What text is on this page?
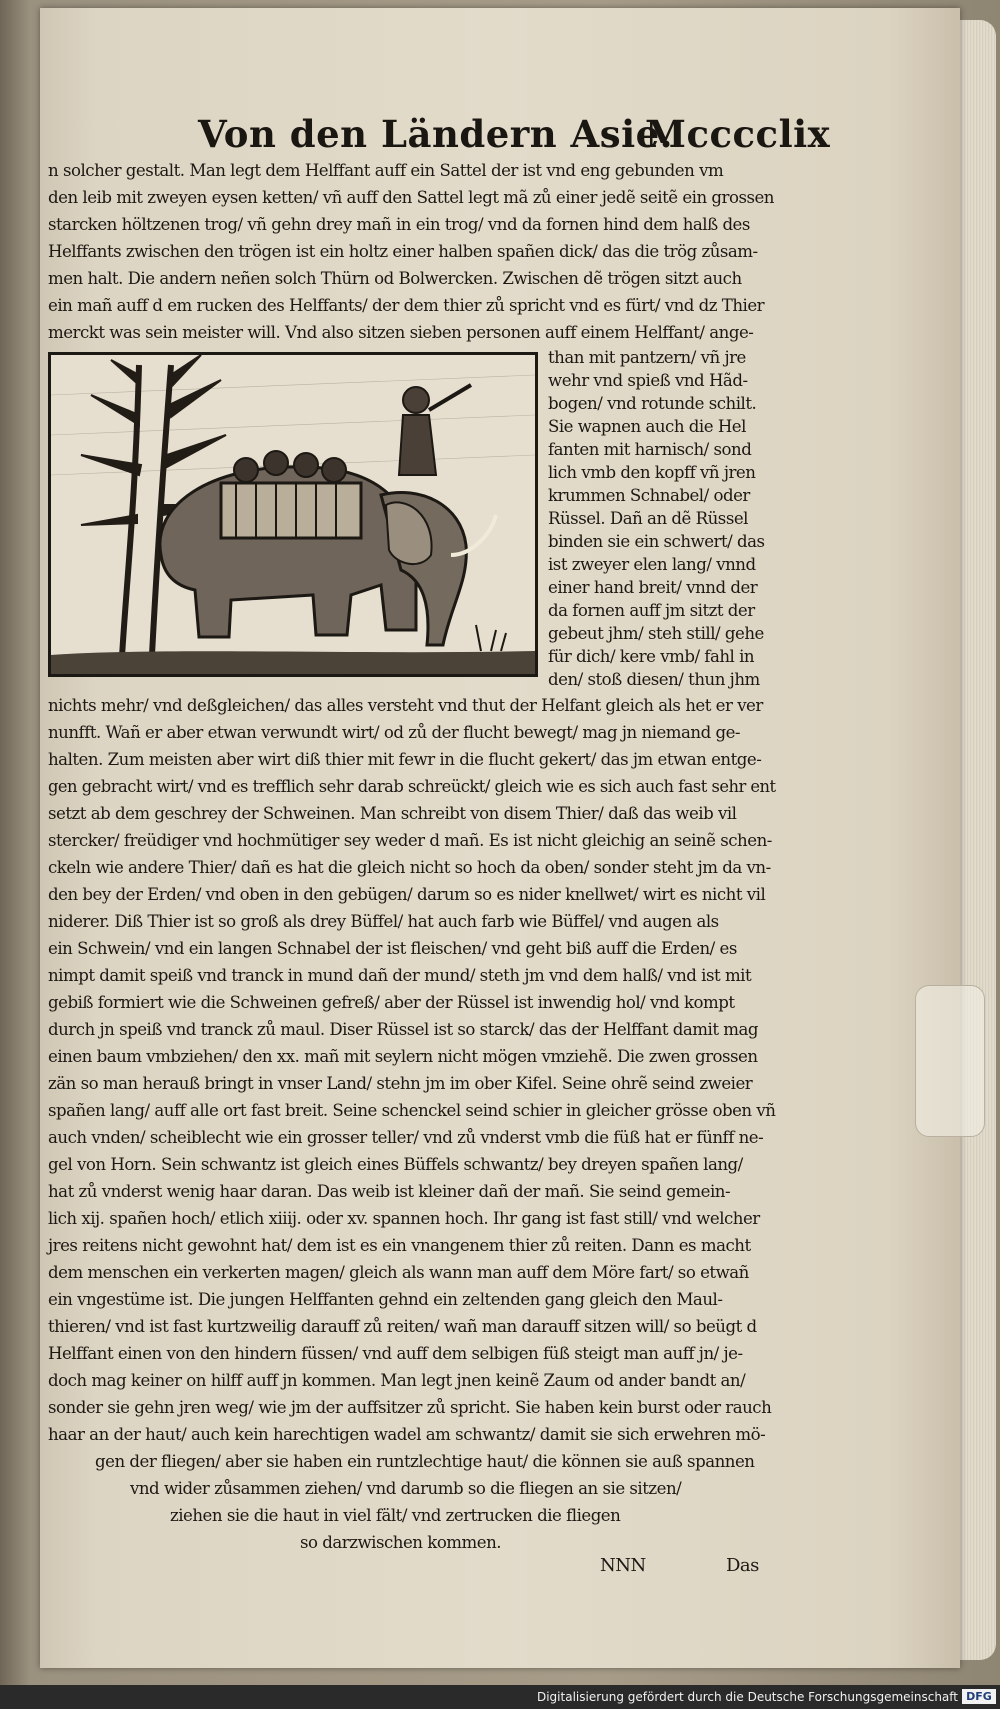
Von den Ländern Asie.
Mcccclix
n solcher gestalt. Man legt dem Helffant auff ein Sattel der ist vnd eng gebunden vm
den leib mit zweyen eysen ketten/ vñ auff den Sattel legt mã zů einer jedẽ seitẽ ein grossen
starcken höltzenen trog/ vñ gehn drey mañ in ein trog/ vnd da fornen hind dem halß des
Helffants zwischen den trögen ist ein holtz einer halben spañen dick/ das die trög zůsam-
men halt. Die andern neñen solch Thürn od Bolwercken. Zwischen dẽ trögen sitzt auch
ein mañ auff d em rucken des Helffants/ der dem thier zů spricht vnd es fürt/ vnd dz Thier
merckt was sein meister will. Vnd also sitzen sieben personen auff einem Helffant/ ange-
than mit pantzern/ vñ jre
wehr vnd spieß vnd Hãd-
bogen/ vnd rotunde schilt.
Sie wapnen auch die Hel
fanten mit harnisch/ sond
lich vmb den kopff vñ jren
krummen Schnabel/ oder
Rüssel. Dañ an dẽ Rüssel
binden sie ein schwert/ das
ist zweyer elen lang/ vnnd
einer hand breit/ vnnd der
da fornen auff jm sitzt der
gebeut jhm/ steh still/ gehe
für dich/ kere vmb/ fahl in
den/ stoß diesen/ thun jhm
nichts mehr/ vnd deßgleichen/ das alles versteht vnd thut der Helfant gleich als het er ver
nunfft. Wañ er aber etwan verwundt wirt/ od zů der flucht bewegt/ mag jn niemand ge-
halten. Zum meisten aber wirt diß thier mit fewr in die flucht gekert/ das jm etwan entge-
gen gebracht wirt/ vnd es trefflich sehr darab schreückt/ gleich wie es sich auch fast sehr ent
setzt ab dem geschrey der Schweinen. Man schreibt von disem Thier/ daß das weib vil
stercker/ freüdiger vnd hochmütiger sey weder d mañ. Es ist nicht gleichig an seinẽ schen-
ckeln wie andere Thier/ dañ es hat die gleich nicht so hoch da oben/ sonder steht jm da vn-
den bey der Erden/ vnd oben in den gebügen/ darum so es nider knellwet/ wirt es nicht vil
niderer. Diß Thier ist so groß als drey Büffel/ hat auch farb wie Büffel/ vnd augen als
ein Schwein/ vnd ein langen Schnabel der ist fleischen/ vnd geht biß auff die Erden/ es
nimpt damit speiß vnd tranck in mund dañ der mund/ steth jm vnd dem halß/ vnd ist mit
gebiß formiert wie die Schweinen gefreß/ aber der Rüssel ist inwendig hol/ vnd kompt
durch jn speiß vnd tranck zů maul. Diser Rüssel ist so starck/ das der Helffant damit mag
einen baum vmbziehen/ den xx. mañ mit seylern nicht mögen vmziehẽ. Die zwen grossen
zän so man herauß bringt in vnser Land/ stehn jm im ober Kifel. Seine ohrẽ seind zweier
spañen lang/ auff alle ort fast breit. Seine schenckel seind schier in gleicher grösse oben vñ
auch vnden/ scheiblecht wie ein grosser teller/ vnd zů vnderst vmb die füß hat er fünff ne-
gel von Horn. Sein schwantz ist gleich eines Büffels schwantz/ bey dreyen spañen lang/
hat zů vnderst wenig haar daran. Das weib ist kleiner dañ der mañ. Sie seind gemein-
lich xij. spañen hoch/ etlich xiiij. oder xv. spannen hoch. Ihr gang ist fast still/ vnd welcher
jres reitens nicht gewohnt hat/ dem ist es ein vnangenem thier zů reiten. Dann es macht
dem menschen ein verkerten magen/ gleich als wann man auff dem Möre fart/ so etwañ
ein vngestüme ist. Die jungen Helffanten gehnd ein zeltenden gang gleich den Maul-
thieren/ vnd ist fast kurtzweilig darauff zů reiten/ wañ man darauff sitzen will/ so beügt d
Helffant einen von den hindern füssen/ vnd auff dem selbigen füß steigt man auff jn/ je-
doch mag keiner on hilff auff jn kommen. Man legt jnen keinẽ Zaum od ander bandt an/
sonder sie gehn jren weg/ wie jm der auffsitzer zů spricht. Sie haben kein burst oder rauch
haar an der haut/ auch kein harechtigen wadel am schwantz/ damit sie sich erwehren mö-
gen der fliegen/ aber sie haben ein runtzlechtige haut/ die können sie auß spannen
vnd wider zůsammen ziehen/ vnd darumb so die fliegen an sie sitzen/
ziehen sie die haut in viel fält/ vnd zertrucken die fliegen
so darzwischen kommen.
NNN	Das
Digitalisierung gefördert durch die Deutsche Forschungsgemeinschaft DFG
